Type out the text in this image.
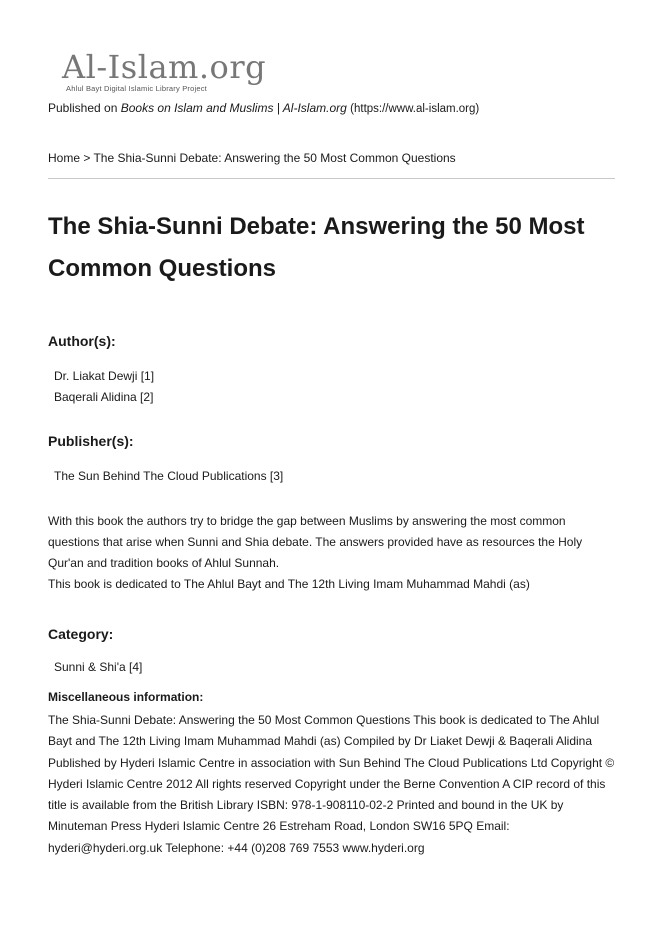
Al-Islam.org
Ahlul Bayt Digital Islamic Library Project
Published on Books on Islam and Muslims | Al-Islam.org (https://www.al-islam.org)
Home > The Shia-Sunni Debate: Answering the 50 Most Common Questions
The Shia-Sunni Debate: Answering the 50 Most Common Questions
Author(s):
Dr. Liakat Dewji [1]
Baqerali Alidina [2]
Publisher(s):
The Sun Behind The Cloud Publications [3]
With this book the authors try to bridge the gap between Muslims by answering the most common questions that arise when Sunni and Shia debate. The answers provided have as resources the Holy Qur'an and tradition books of Ahlul Sunnah.
This book is dedicated to The Ahlul Bayt and The 12th Living Imam Muhammad Mahdi (as)
Category:
Sunni & Shi'a [4]
Miscellaneous information:
The Shia-Sunni Debate: Answering the 50 Most Common Questions This book is dedicated to The Ahlul Bayt and The 12th Living Imam Muhammad Mahdi (as) Compiled by Dr Liaket Dewji & Baqerali Alidina Published by Hyderi Islamic Centre in association with Sun Behind The Cloud Publications Ltd Copyright © Hyderi Islamic Centre 2012 All rights reserved Copyright under the Berne Convention A CIP record of this title is available from the British Library ISBN: 978-1-908110-02-2 Printed and bound in the UK by Minuteman Press Hyderi Islamic Centre 26 Estreham Road, London SW16 5PQ Email: hyderi@hyderi.org.uk Telephone: +44 (0)208 769 7553 www.hyderi.org
